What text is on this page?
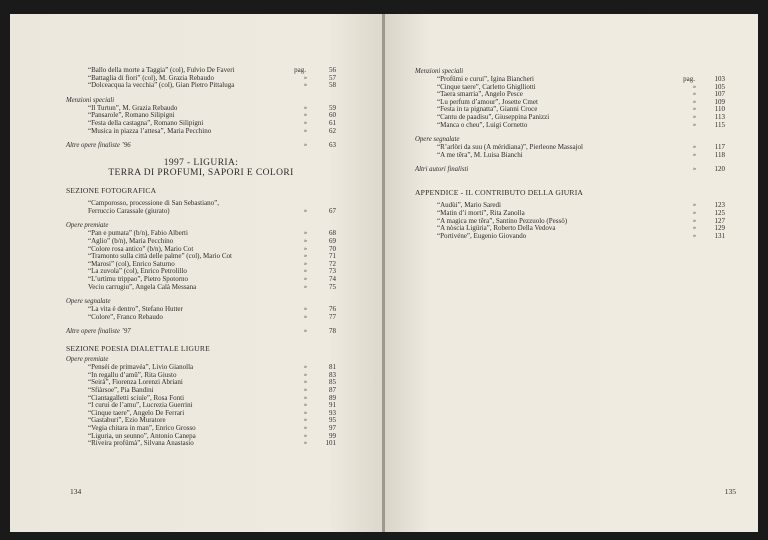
“Ballo della morte a Taggia” (col), Fulvio De Faveri	pag.	56
“Battaglia di fiori” (col), M. Grazia Rebaudo	»	57
“Dolceacqua la vecchia” (col), Gian Pietro Pittaluga	»	58
Menzioni speciali
“Il Turtun”, M. Grazia Rebaudo	»	59
“Pansarole”, Romano Silipigni	»	60
“Festa della castagna”, Romano Silipigni	»	61
“Musica in piazza l’attesa”, Maria Pecchino	»	62
Altre opere finaliste ’96	»	63
1997 - LIGURIA:
TERRA DI PROFUMI, SAPORI E COLORI
SEZIONE FOTOGRAFICA
“Camporosso, processione di San Sebastiano”,
Ferruccio Carassale (giurato)	»	67
Opere premiate
“Pan e pumata” (b/n), Fabio Alberti	»	68
“Aglio” (b/n), Maria Pecchino	»	69
“Colore rosa antico” (b/n), Mario Cot	»	70
“Tramonto sulla città delle palme” (col), Mario Cot	»	71
“Marosi” (col), Enrico Saturno	»	72
“La zuvola” (col), Enrico Petrolillo	»	73
“L’urtimu trippao”, Pietro Spotorno	»	74
Veciu carrugiu”, Angela Calà Messana	»	75
Opere segnalate
“La vita è dentro”, Stefano Hutter	»	76
“Colore”, Franco Rebaudo	»	77
Altre opere finaliste ’97	»	78
SEZIONE POESIA DIALETTALE LIGURE
Opere premiate
“Penséi de primavéa”, Livio Gianolla	»	81
“In regallu d’amû”, Rita Giusto	»	83
“Seirà”, Fiorenza Lorenzi Abriani	»	85
“Sfiàrsoe”, Pia Bandini	»	87
“Ciantagalletti sciuìe”, Rosa Fonti	»	89
“I curui de l’amu”, Lucrezia Guerrini	»	91
“Cinque taere”, Angelo De Ferrari	»	93
“Gastaburi”, Ezio Muratore	»	95
“Vegia chitara in man”, Enrico Grosso	»	97
“Liguria, un seunno”, Antonio Canepa	»	99
“Riveira profümà”, Silvana Anastasio	»	101
134
Menzioni speciali
“Profümi e curui”, Igina Biancheri	pag.	103
“Cinque taere”, Carletto Ghiglliotti	»	105
“Taera smarria”, Angelo Pesce	»	107
“Lu perfum d’amour”, Josette Cmet	»	109
“Festa in ta pignatta”, Gianni Croce	»	110
“Cantu de paadisu”, Giuseppina Panizzi	»	113
“Manca o cheu”, Luigi Cornetto	»	115
Opere segnalate
“R’arlöri da suu (A méridiana)”, Pierleone Massajol	»	117
“A me têra”, M. Luisa Bianchi	»	118
Altri autori finalisti	»	120
APPENDICE - IL CONTRIBUTO DELLA GIURIA
“Audùi”, Mario Saredi	»	123
“Matin d’i morti”, Rita Zanolla	»	125
“A magica me têra”, Santino Pezzuolo (Pessö)	»	127
“A nòscia Ligüria”, Roberto Della Vedova	»	129
“Portivéne”, Eugenio Giovando	»	131
135
